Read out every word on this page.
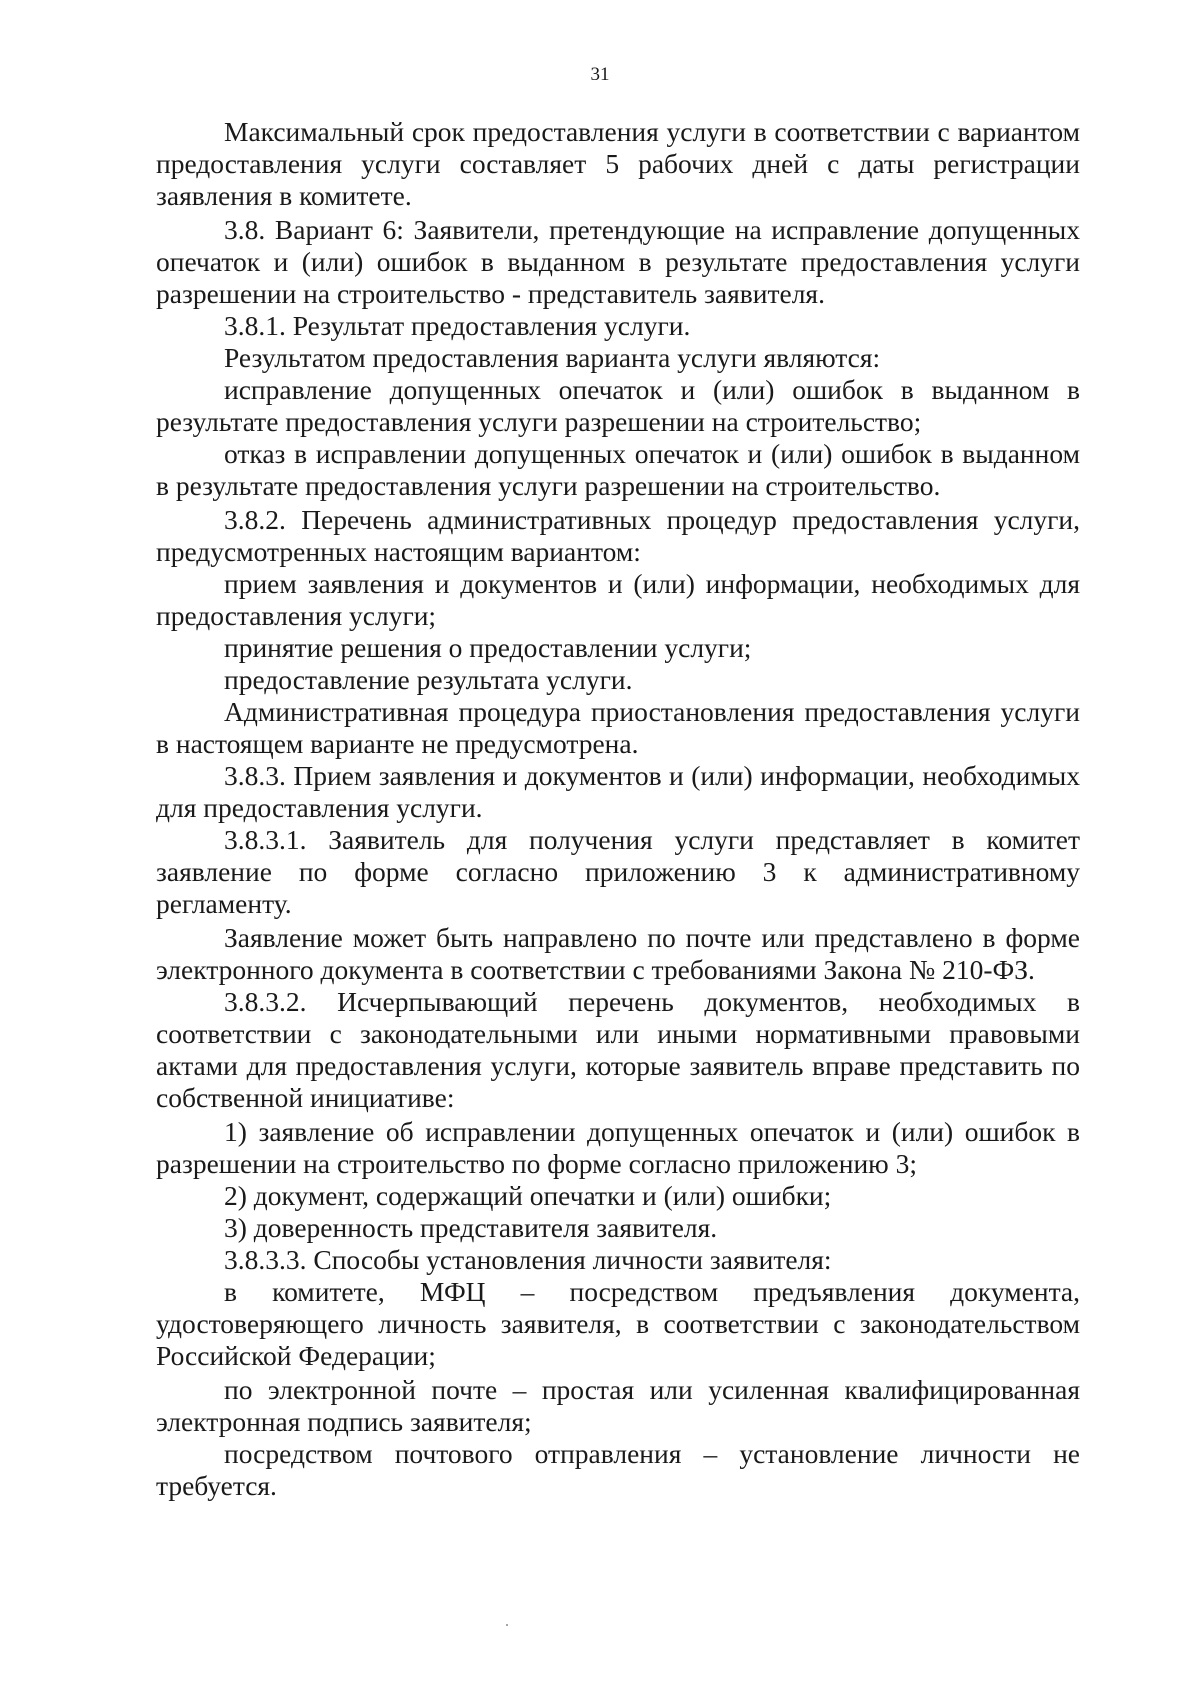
31

Максимальный срок предоставления услуги в соответствии с вариантом предоставления услуги составляет 5 рабочих дней с даты регистрации заявления в комитете.

3.8. Вариант 6: Заявители, претендующие на исправление допущенных опечаток и (или) ошибок в выданном в результате предоставления услуги разрешении на строительство - представитель заявителя.

3.8.1. Результат предоставления услуги.

Результатом предоставления варианта услуги являются:

исправление допущенных опечаток и (или) ошибок в выданном в результате предоставления услуги разрешении на строительство;

отказ в исправлении допущенных опечаток и (или) ошибок в выданном в результате предоставления услуги разрешении на строительство.

3.8.2. Перечень административных процедур предоставления услуги, предусмотренных настоящим вариантом:

прием заявления и документов и (или) информации, необходимых для предоставления услуги;

принятие решения о предоставлении услуги;

предоставление результата услуги.

Административная процедура приостановления предоставления услуги в настоящем варианте не предусмотрена.

3.8.3. Прием заявления и документов и (или) информации, необходимых для предоставления услуги.

3.8.3.1. Заявитель для получения услуги представляет в комитет заявление по форме согласно приложению 3 к административному регламенту.

Заявление может быть направлено по почте или представлено в форме электронного документа в соответствии с требованиями Закона № 210-ФЗ.

3.8.3.2. Исчерпывающий перечень документов, необходимых в соответствии с законодательными или иными нормативными правовыми актами для предоставления услуги, которые заявитель вправе представить по собственной инициативе:

1) заявление об исправлении допущенных опечаток и (или) ошибок в разрешении на строительство по форме согласно приложению 3;

2) документ, содержащий опечатки и (или) ошибки;

3) доверенность представителя заявителя.

3.8.3.3. Способы установления личности заявителя:

в комитете, МФЦ – посредством предъявления документа, удостоверяющего личность заявителя, в соответствии с законодательством Российской Федерации;

по электронной почте – простая или усиленная квалифицированная электронная подпись заявителя;

посредством почтового отправления – установление личности не требуется.
